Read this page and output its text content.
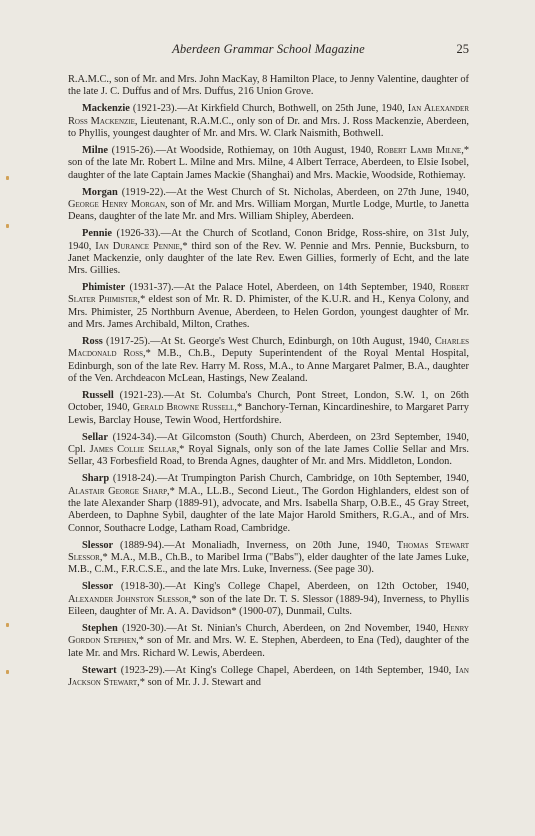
Aberdeen Grammar School Magazine	25

R.A.M.C., son of Mr. and Mrs. John MacKay, 8 Hamilton Place, to Jenny Valentine, daughter of the late J. C. Duffus and of Mrs. Duffus, 216 Union Grove.

Mackenzie (1921-23).—At Kirkfield Church, Bothwell, on 25th June, 1940, Ian Alexander Ross Mackenzie, Lieutenant, R.A.M.C., only son of Dr. and Mrs. J. Ross Mackenzie, Aberdeen, to Phyllis, youngest daughter of Mr. and Mrs. W. Clark Naismith, Bothwell.

Milne (1915-26).—At Woodside, Rothiemay, on 10th August, 1940, Robert Lamb Milne,* son of the late Mr. Robert L. Milne and Mrs. Milne, 4 Albert Terrace, Aberdeen, to Elsie Isobel, daughter of the late Captain James Mackie (Shanghai) and Mrs. Mackie, Woodside, Rothiemay.

Morgan (1919-22).—At the West Church of St. Nicholas, Aberdeen, on 27th June, 1940, George Henry Morgan, son of Mr. and Mrs. William Morgan, Murtle Lodge, Murtle, to Janetta Deans, daughter of the late Mr. and Mrs. William Shipley, Aberdeen.

Pennie (1926-33).—At the Church of Scotland, Conon Bridge, Ross-shire, on 31st July, 1940, Ian Durance Pennie,* third son of the Rev. W. Pennie and Mrs. Pennie, Bucksburn, to Janet Mackenzie, only daughter of the late Rev. Ewen Gillies, formerly of Echt, and the late Mrs. Gillies.

Phimister (1931-37).—At the Palace Hotel, Aberdeen, on 14th September, 1940, Robert Slater Phimister,* eldest son of Mr. R. D. Phimister, of the K.U.R. and H., Kenya Colony, and Mrs. Phimister, 25 Northburn Avenue, Aberdeen, to Helen Gordon, youngest daughter of Mr. and Mrs. James Archibald, Milton, Crathes.

Ross (1917-25).—At St. George's West Church, Edinburgh, on 10th August, 1940, Charles Macdonald Ross,* M.B., Ch.B., Deputy Superintendent of the Royal Mental Hospital, Edinburgh, son of the late Rev. Harry M. Ross, M.A., to Anne Margaret Palmer, B.A., daughter of the Ven. Archdeacon McLean, Hastings, New Zealand.

Russell (1921-23).—At St. Columba's Church, Pont Street, London, S.W. 1, on 26th October, 1940, Gerald Browne Russell,* Banchory-Ternan, Kincardineshire, to Margaret Parry Lewis, Barclay House, Tewin Wood, Hertfordshire.

Sellar (1924-34).—At Gilcomston (South) Church, Aberdeen, on 23rd September, 1940, Cpl. James Collie Sellar,* Royal Signals, only son of the late James Collie Sellar and Mrs. Sellar, 43 Forbesfield Road, to Brenda Agnes, daughter of Mr. and Mrs. Middleton, London.

Sharp (1918-24).—At Trumpington Parish Church, Cambridge, on 10th September, 1940, Alastair George Sharp,* M.A., LL.B., Second Lieut., The Gordon Highlanders, eldest son of the late Alexander Sharp (1889-91), advocate, and Mrs. Isabella Sharp, O.B.E., 45 Gray Street, Aberdeen, to Daphne Sybil, daughter of the late Major Harold Smithers, R.G.A., and of Mrs. Connor, Southacre Lodge, Latham Road, Cambridge.

Slessor (1889-94).—At Monaliadh, Inverness, on 20th June, 1940, Thomas Stewart Slessor,* M.A., M.B., Ch.B., to Maribel Irma ("Babs"), elder daughter of the late James Luke, M.B., C.M., F.R.C.S.E., and the late Mrs. Luke, Inverness. (See page 30).

Slessor (1918-30).—At King's College Chapel, Aberdeen, on 12th October, 1940, Alexander Johnston Slessor,* son of the late Dr. T. S. Slessor (1889-94), Inverness, to Phyllis Eileen, daughter of Mr. A. A. Davidson* (1900-07), Dunmail, Cults.

Stephen (1920-30).—At St. Ninian's Church, Aberdeen, on 2nd November, 1940, Henry Gordon Stephen,* son of Mr. and Mrs. W. E. Stephen, Aberdeen, to Ena (Ted), daughter of the late Mr. and Mrs. Richard W. Lewis, Aberdeen.

Stewart (1923-29).—At King's College Chapel, Aberdeen, on 14th September, 1940, Ian Jackson Stewart,* son of Mr. J. J. Stewart and
